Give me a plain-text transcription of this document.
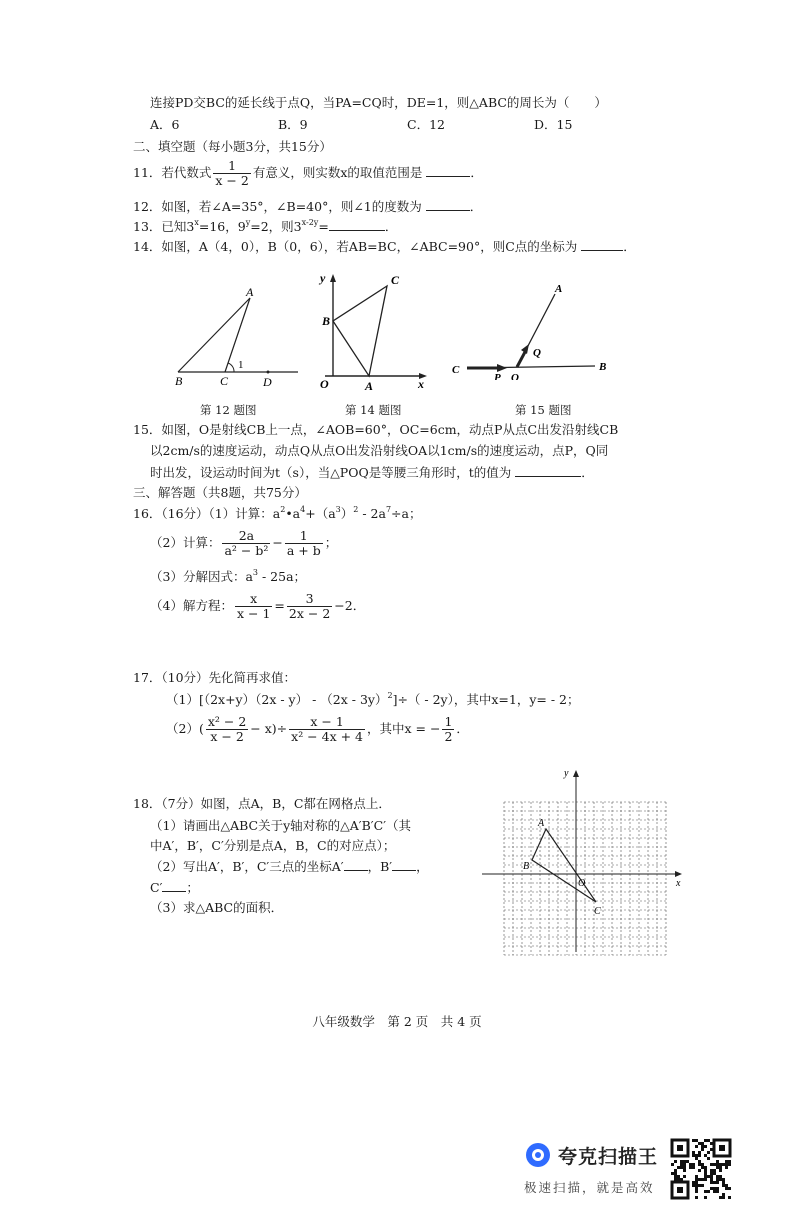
连接PD交BC的延长线于点Q，当PA=CQ时，DE=1，则△ABC的周长为（　　）
A．6	B．9	C．12	D．15
二、填空题（每小题3分，共15分）
11．若代数式 $\frac{1}{x - 2}$ 有意义，则实数x的取值范围是	．
12．如图，若∠A=35°，∠B=40°，则∠1的度数为	．
13．已知$3^x=16$，$9^y=2$，则$3^{x-2y}=$	．
14．如图，A（4，0），B（0，6），若AB=BC，∠ABC=90°，则C点的坐标为	．
A
B	C	D
1
第 12 题图
y	C
B
O	A	x
第 14 题图
A
Q
C
P O
B
第 15 题图
15．如图，O是射线CB上一点，∠AOB=60°，OC=6cm，动点P从点C出发沿射线CB
以2cm/s的速度运动，动点Q从点O出发沿射线OA以1cm/s的速度运动，点P，Q同
时出发，设运动时间为t（s），当△POQ是等腰三角形时，t的值为	．
三、解答题（共8题，共75分）
16．（16分）（1）计算：$a^2•a^4+(a^3)^2 - 2a^7\div a$；
（2）计算： $\frac{2a}{\text{a² − b²}} - \frac{1}{a + b}$ ；
（3）分解因式：$a^3 - 25a$；
（4）解方程： $\frac{x}{x - 1} = \frac{3}{2x - 2} -2$．
17．（10分）先化简再求值：
（1）[（2x+y）（2x - y） - （2x - 3y）$^2$]÷（ - 2y），其中x=1，y= - 2；
$(2)( \frac{\text{x² − 2}}{x - 2} - x)\div \frac{x - 1}{\text{x² − 4x + 4}}$ ，其中x = − $\frac{1}{2}$ ．
18．（7分）如图，点A，B，C都在网格点上．
（1）请画出△ABC关于y轴对称的△A′B′C′（其
中A′，B′，C′分别是点A，B，C的对应点）；
（2）写出A′，B′，C′三点的坐标A′ ，B′ ，
C′ ；
（3）求△ABC的面积．
y
x
A
B
C
O
八年级数学　第 2 页　共 4 页
夸克扫描王
极速扫描，就是高效
